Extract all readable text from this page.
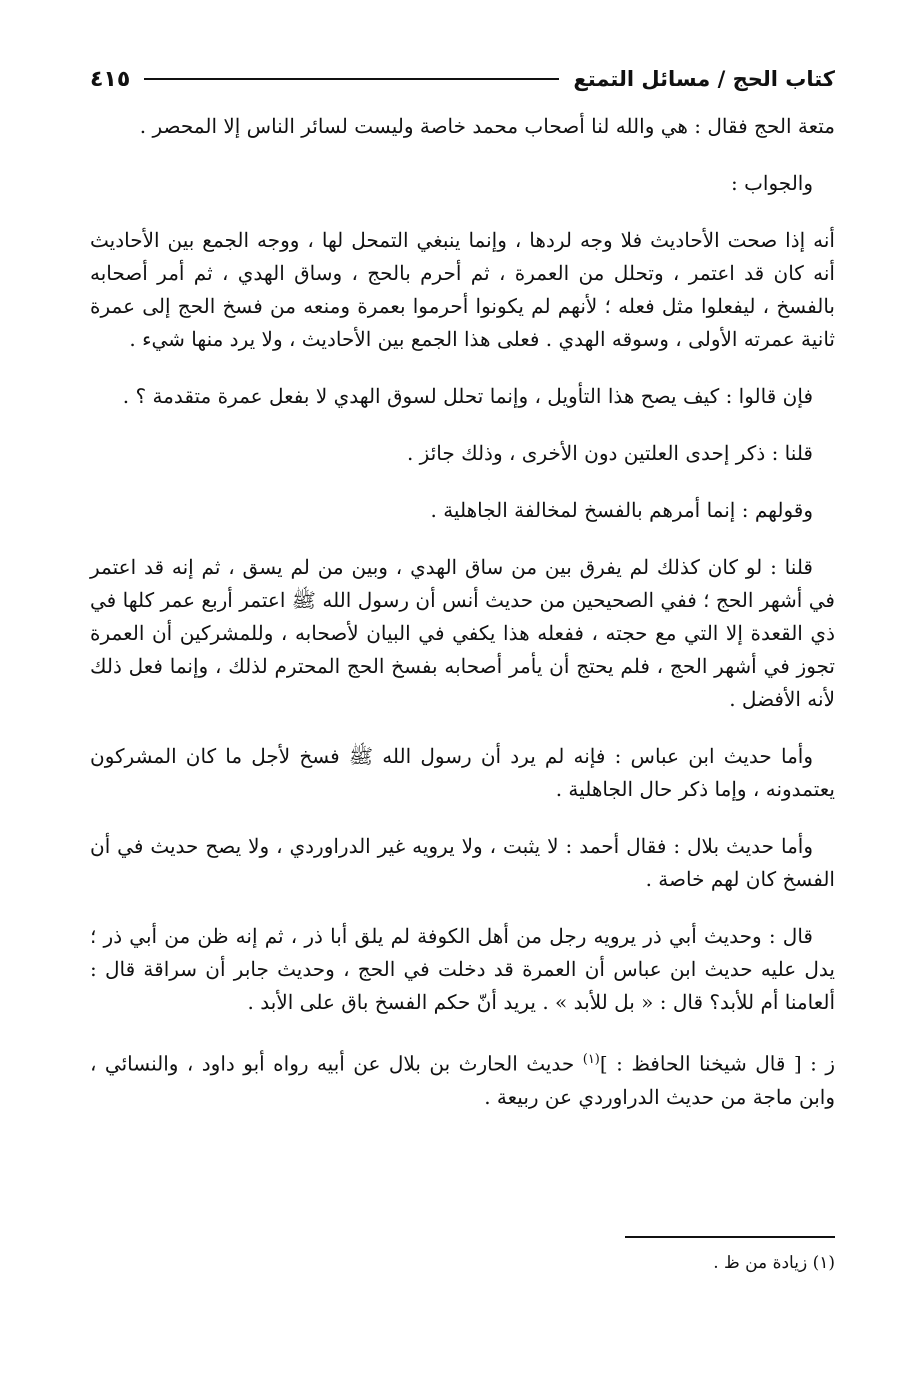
كتاب الحج / مسائل التمتع
٤١٥

متعة الحج فقال : هي والله لنا أصحاب محمد خاصة وليست لسائر الناس إلا المحصر .

والجواب :

أنه إذا صحت الأحاديث فلا وجه لردها ، وإنما ينبغي التمحل لها ، ووجه الجمع بين الأحاديث أنه كان قد اعتمر ، وتحلل من العمرة ، ثم أحرم بالحج ، وساق الهدي ، ثم أمر أصحابه بالفسخ ، ليفعلوا مثل فعله ؛ لأنهم لم يكونوا أحرموا بعمرة ومنعه من فسخ الحج إلى عمرة ثانية عمرته الأولى ، وسوقه الهدي . فعلى هذا الجمع بين الأحاديث ، ولا يرد منها شيء .

فإن قالوا : كيف يصح هذا التأويل ، وإنما تحلل لسوق الهدي لا بفعل عمرة متقدمة ؟ .

قلنا : ذكر إحدى العلتين دون الأخرى ، وذلك جائز .

وقولهم : إنما أمرهم بالفسخ لمخالفة الجاهلية .

قلنا : لو كان كذلك لم يفرق بين من ساق الهدي ، وبين من لم يسق ، ثم إنه قد اعتمر في أشهر الحج ؛ ففي الصحيحين من حديث أنس أن رسول الله ﷺ اعتمر أربع عمر كلها في ذي القعدة إلا التي مع حجته ، ففعله هذا يكفي في البيان لأصحابه ، وللمشركين أن العمرة تجوز في أشهر الحج ، فلم يحتج أن يأمر أصحابه بفسخ الحج المحترم لذلك ، وإنما فعل ذلك لأنه الأفضل .

وأما حديث ابن عباس : فإنه لم يرد أن رسول الله ﷺ فسخ لأجل ما كان المشركون يعتمدونه ، وإما ذكر حال الجاهلية .

وأما حديث بلال : فقال أحمد : لا يثبت ، ولا يرويه غير الدراوردي ، ولا يصح حديث في أن الفسخ كان لهم خاصة .

قال : وحديث أبي ذر يرويه رجل من أهل الكوفة لم يلق أبا ذر ، ثم إنه ظن من أبي ذر ؛ يدل عليه حديث ابن عباس أن العمرة قد دخلت في الحج ، وحديث جابر أن سراقة قال : ألعامنا أم للأبد؟ قال : « بل للأبد » . يريد أنّ حكم الفسخ باق على الأبد .

ز : [ قال شيخنا الحافظ : ]$^{(١)}$ حديث الحارث بن بلال عن أبيه رواه أبو داود ، والنسائي ، وابن ماجة من حديث الدراوردي عن ربيعة .

(١) زيادة من ظ .
